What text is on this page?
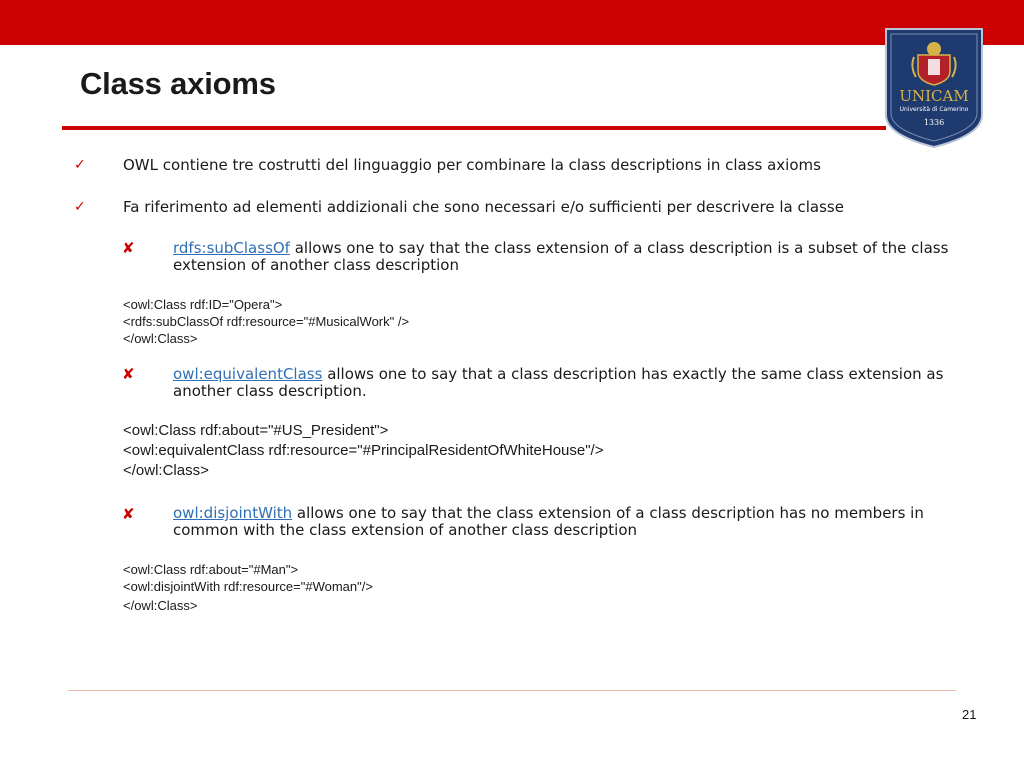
Class axioms	UNICAM
Università di Camerino
1336
✓ OWL contiene tre costrutti del linguaggio per combinare la class descriptions in class axioms
✓ Fa riferimento ad elementi addizionali che sono necessari e/o sufficienti per descrivere la classe
✘	rdfs:subClassOf allows one to say that the class extension of a class description is a subset of the class extension of another class description
<owl:Class rdf:ID="Opera">
<rdfs:subClassOf rdf:resource="#MusicalWork" />
</owl:Class>
✘	owl:equivalentClass allows one to say that a class description has exactly the same class extension as another class description.
<owl:Class rdf:about="#US_President">
<owl:equivalentClass rdf:resource="#PrincipalResidentOfWhiteHouse"/>
</owl:Class>
✘	owl:disjointWith allows one to say that the class extension of a class description has no members in common with the class extension of another class description
<owl:Class rdf:about="#Man">
<owl:disjointWith rdf:resource="#Woman"/>
</owl:Class>
21
